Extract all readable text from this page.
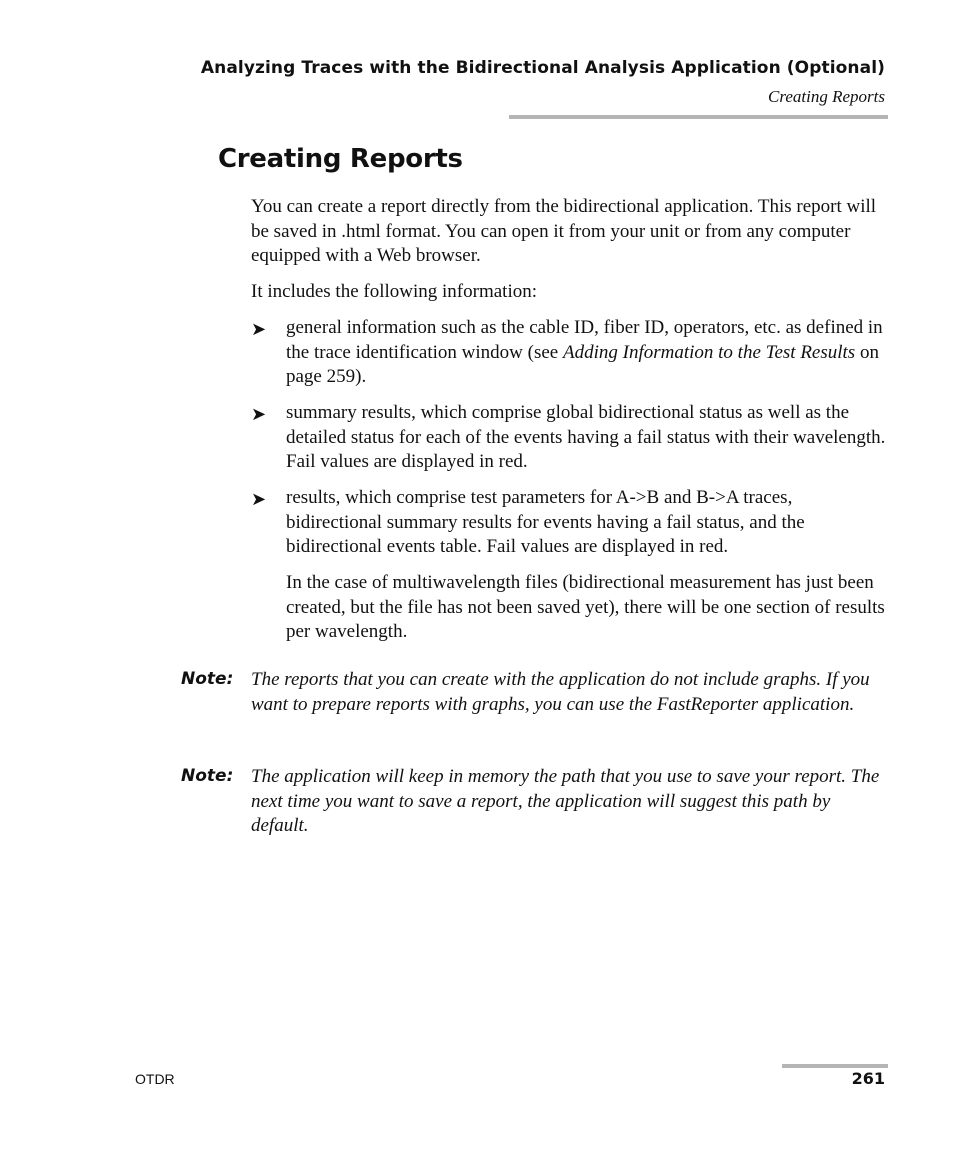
Analyzing Traces with the Bidirectional Analysis Application (Optional)
Creating Reports
Creating Reports

You can create a report directly from the bidirectional application. This report will be saved in .html format. You can open it from your unit or from any computer equipped with a Web browser.

It includes the following information:

➤ general information such as the cable ID, fiber ID, operators, etc. as defined in the trace identification window (see Adding Information to the Test Results on page 259).

➤ summary results, which comprise global bidirectional status as well as the detailed status for each of the events having a fail status with their wavelength. Fail values are displayed in red.

➤ results, which comprise test parameters for A->B and B->A traces, bidirectional summary results for events having a fail status, and the bidirectional events table. Fail values are displayed in red.

In the case of multiwavelength files (bidirectional measurement has just been created, but the file has not been saved yet), there will be one section of results per wavelength.

Note: The reports that you can create with the application do not include graphs. If you want to prepare reports with graphs, you can use the FastReporter application.

Note: The application will keep in memory the path that you use to save your report. The next time you want to save a report, the application will suggest this path by default.

OTDR	261
